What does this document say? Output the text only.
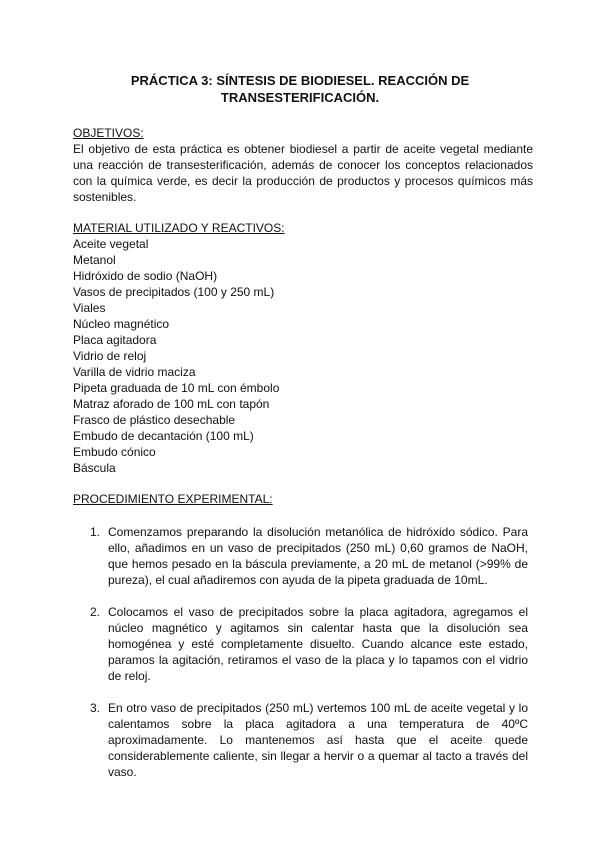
PRÁCTICA 3: SÍNTESIS DE BIODIESEL. REACCIÓN DE
TRANSESTERIFICACIÓN.
OBJETIVOS:
El objetivo de esta práctica es obtener biodiesel a partir de aceite vegetal mediante una reacción de transesterificación, además de conocer los conceptos relacionados con la química verde, es decir la producción de productos y procesos químicos más sostenibles.
MATERIAL UTILIZADO Y REACTIVOS:
Aceite vegetal
Metanol
Hidróxido de sodio (NaOH)
Vasos de precipitados (100 y 250 mL)
Viales
Núcleo magnético
Placa agitadora
Vidrio de reloj
Varilla de vidrio maciza
Pipeta graduada de 10 mL con émbolo
Matraz aforado de 100 mL con tapón
Frasco de plástico desechable
Embudo de decantación (100 mL)
Embudo cónico
Báscula
PROCEDIMIENTO EXPERIMENTAL:
1. Comenzamos preparando la disolución metanólica de hidróxido sódico. Para ello, añadimos en un vaso de precipitados (250 mL) 0,60 gramos de NaOH, que hemos pesado en la báscula previamente, a 20 mL de metanol (>99% de pureza), el cual añadiremos con ayuda de la pipeta graduada de 10mL.
2. Colocamos el vaso de precipitados sobre la placa agitadora, agregamos el núcleo magnético y agitamos sin calentar hasta que la disolución sea homogénea y esté completamente disuelto. Cuando alcance este estado, paramos la agitación, retiramos el vaso de la placa y lo tapamos con el vidrio de reloj.
3. En otro vaso de precipitados (250 mL) vertemos 100 mL de aceite vegetal y lo calentamos sobre la placa agitadora a una temperatura de 40ºC aproximadamente. Lo mantenemos así hasta que el aceite quede considerablemente caliente, sin llegar a hervir o a quemar al tacto a través del vaso.
